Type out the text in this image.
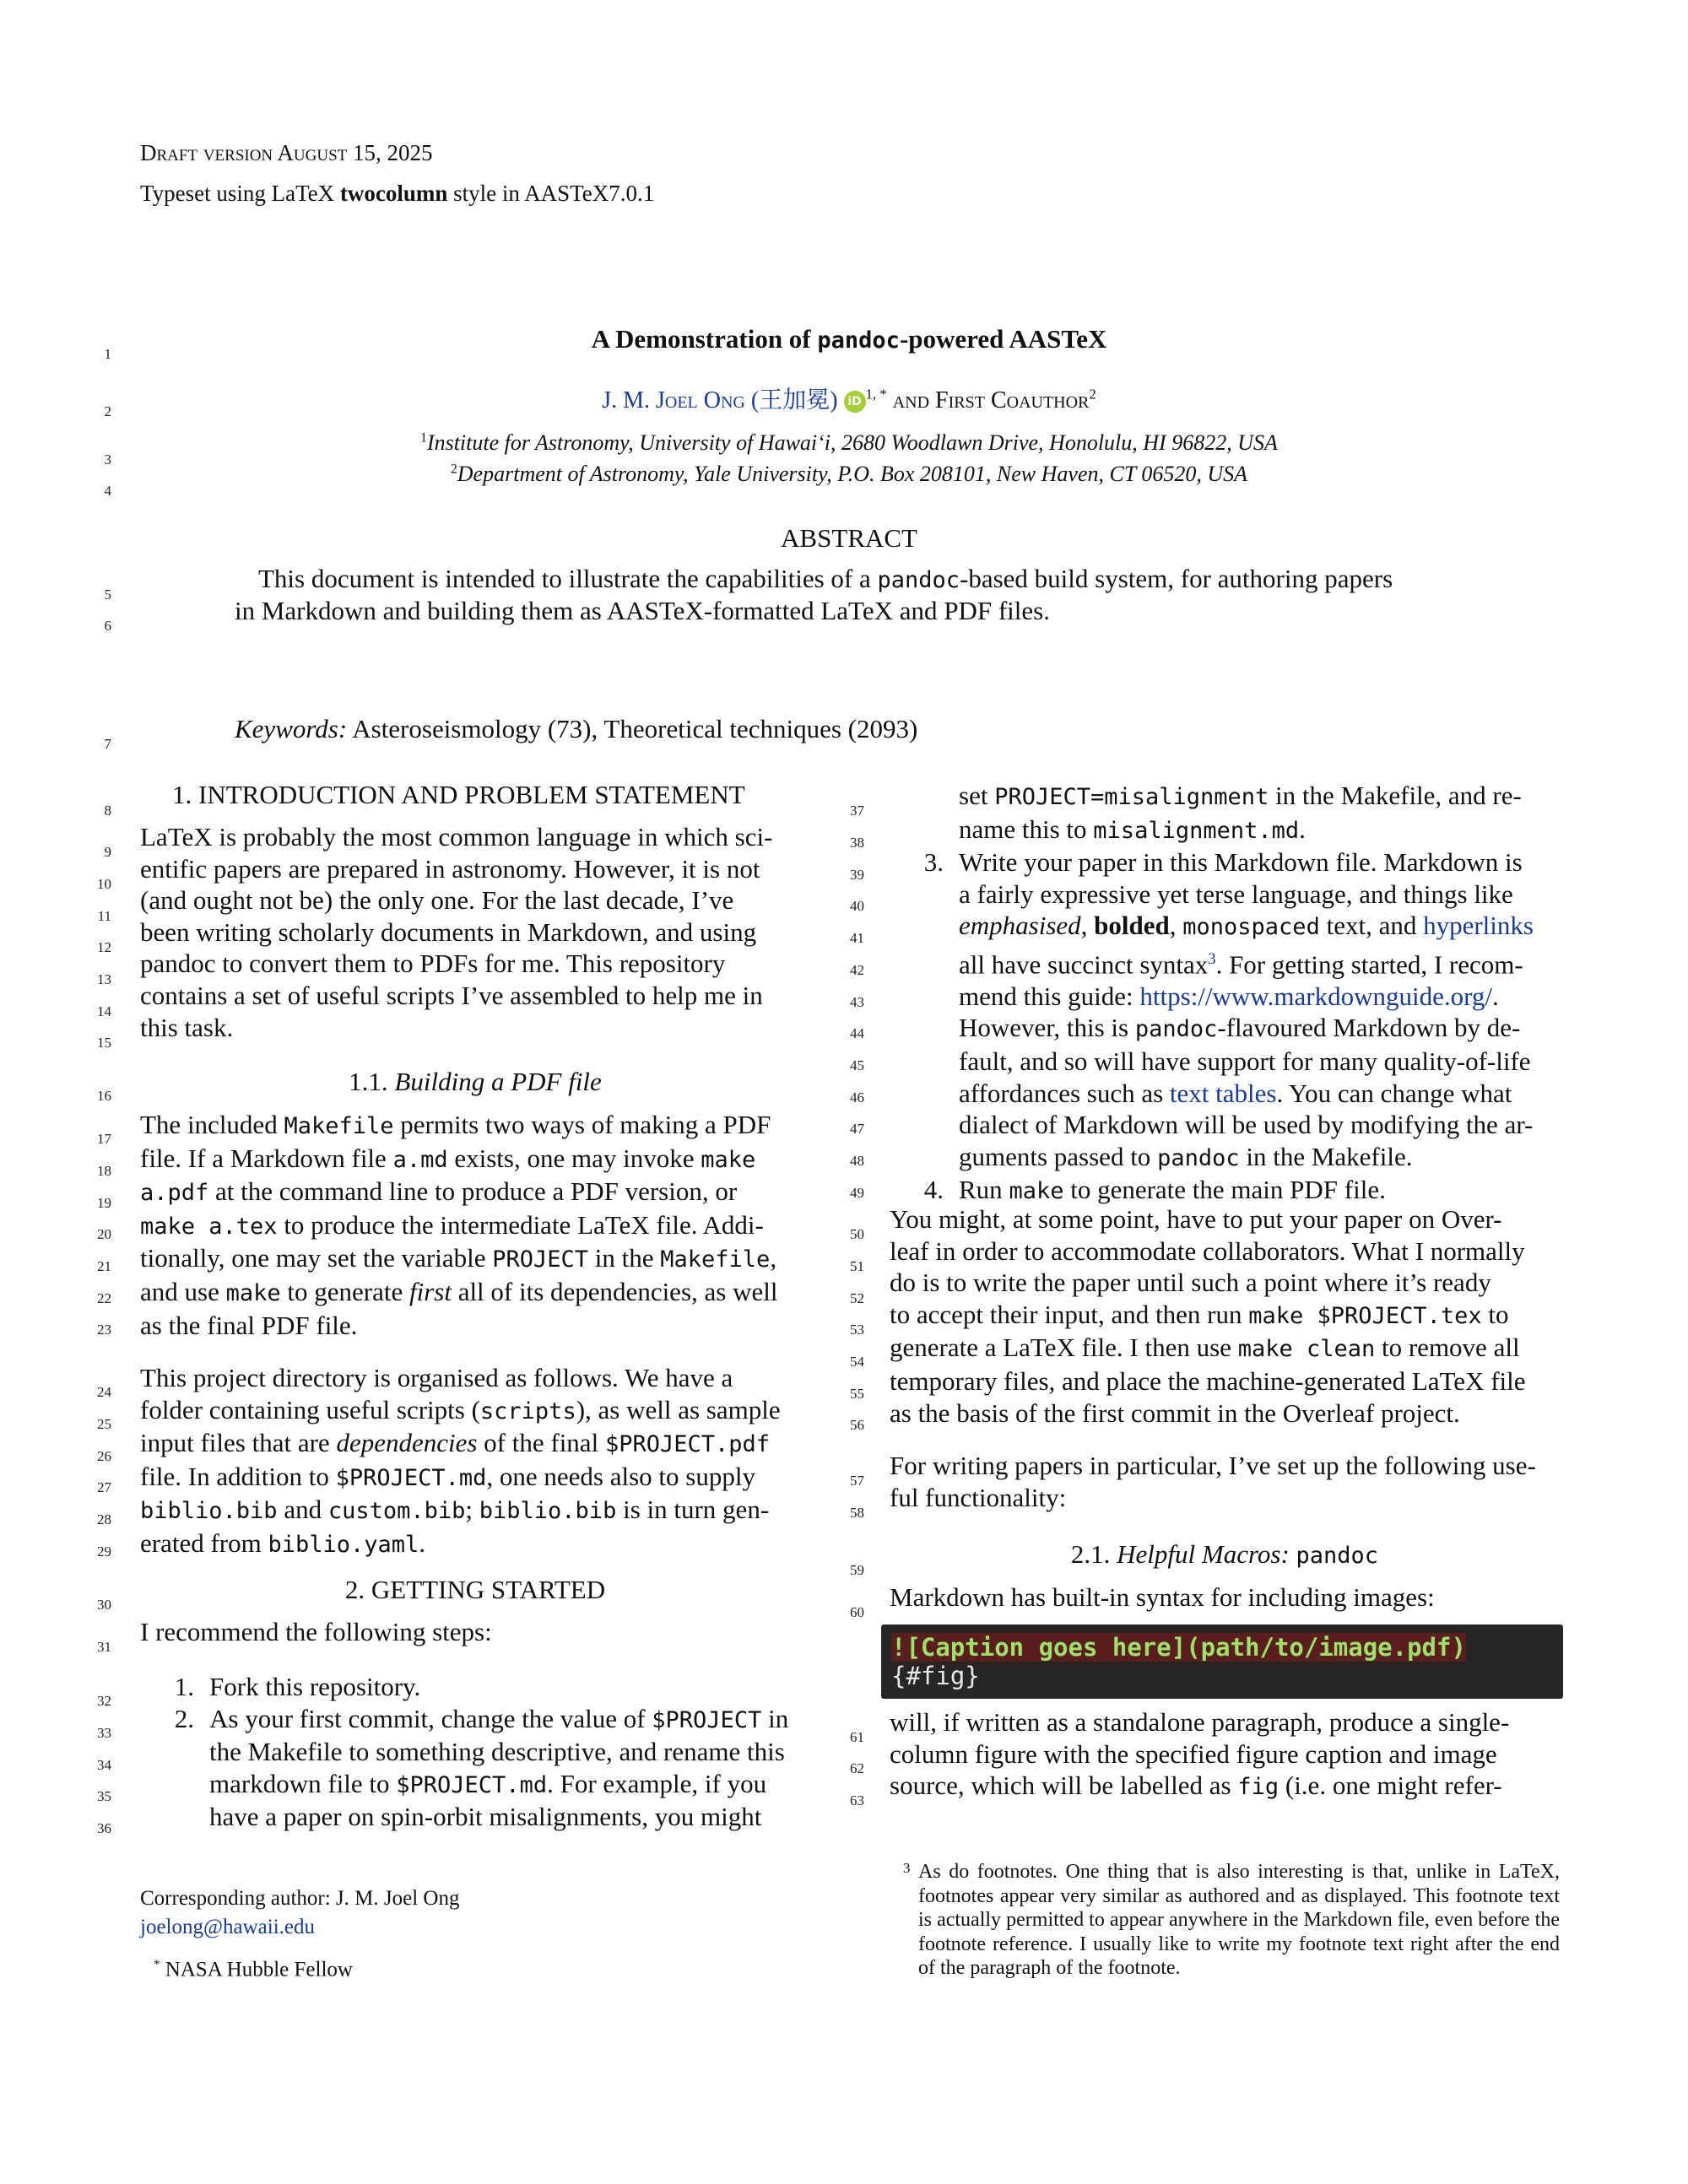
Draft version August 15, 2025
Typeset using LaTeX twocolumn style in AASTeX7.0.1
1
2
3
4
5
6
7
8
9
10
11
12
13
14
15
16
17
18
19
20
21
22
23
24
25
26
27
28
29
30
31
32
33
34
35
36
37
38
39
40
41
42
43
44
45
46
47
48
49
50
51
52
53
54
55
56
57
58
59
60
61
62
63
A Demonstration of pandoc-powered AASTeX
J. M. Joel Ong (王加冕) iD $^{1, *}$ and First Coauthor$^2$
$^1$Institute for Astronomy, University of Hawaiʻi, 2680 Woodlawn Drive, Honolulu, HI 96822, USA
$^2$Department of Astronomy, Yale University, P.O. Box 208101, New Haven, CT 06520, USA
ABSTRACT
This document is intended to illustrate the capabilities of a pandoc-based build system, for authoring papers
in Markdown and building them as AASTeX-formatted LaTeX and PDF files.
Keywords: Asteroseismology (73), Theoretical techniques (2093)
1. INTRODUCTION AND PROBLEM STATEMENT
LaTeX is probably the most common language in which sci-
entific papers are prepared in astronomy. However, it is not
(and ought not be) the only one. For the last decade, I’ve
been writing scholarly documents in Markdown, and using
pandoc to convert them to PDFs for me. This repository
contains a set of useful scripts I’ve assembled to help me in
this task.
1.1. Building a PDF file
The included Makefile permits two ways of making a PDF
file. If a Markdown file a.md exists, one may invoke make
a.pdf at the command line to produce a PDF version, or
make a.tex to produce the intermediate LaTeX file. Addi-
tionally, one may set the variable PROJECT in the Makefile,
and use make to generate first all of its dependencies, as well
as the final PDF file.
This project directory is organised as follows. We have a
folder containing useful scripts (scripts), as well as sample
input files that are dependencies of the final $PROJECT.pdf
file. In addition to $PROJECT.md, one needs also to supply
biblio.bib and custom.bib; biblio.bib is in turn gen-
erated from biblio.yaml.
2. GETTING STARTED
I recommend the following steps:
1. Fork this repository.
2. As your first commit, change the value of $PROJECT in
the Makefile to something descriptive, and rename this
markdown file to $PROJECT.md. For example, if you
have a paper on spin-orbit misalignments, you might
Corresponding author: J. M. Joel Ong
joelong@hawaii.edu
* NASA Hubble Fellow
set PROJECT=misalignment in the Makefile, and re-
name this to misalignment.md.
3. Write your paper in this Markdown file. Markdown is
a fairly expressive yet terse language, and things like
emphasised, bolded, monospaced text, and hyperlinks
all have succinct syntax$^3$. For getting started, I recom-
mend this guide: https://www.markdownguide.org/.
However, this is pandoc-flavoured Markdown by de-
fault, and so will have support for many quality-of-life
affordances such as text tables. You can change what
dialect of Markdown will be used by modifying the ar-
guments passed to pandoc in the Makefile.
4. Run make to generate the main PDF file.
You might, at some point, have to put your paper on Over-
leaf in order to accommodate collaborators. What I normally
do is to write the paper until such a point where it’s ready
to accept their input, and then run make $PROJECT.tex to
generate a LaTeX file. I then use make clean to remove all
temporary files, and place the machine-generated LaTeX file
as the basis of the first commit in the Overleaf project.
For writing papers in particular, I’ve set up the following use-
ful functionality:
2.1. Helpful Macros: pandoc
Markdown has built-in syntax for including images:
![Caption goes here](path/to/image.pdf) {#fig}
will, if written as a standalone paragraph, produce a single-
column figure with the specified figure caption and image
source, which will be labelled as fig (i.e. one might refer-
3 As do footnotes. One thing that is also interesting is that, unlike in LaTeX, footnotes appear very similar as authored and as displayed. This footnote text is actually permitted to appear anywhere in the Markdown file, even before the footnote reference. I usually like to write my footnote text right after the end of the paragraph of the footnote.
